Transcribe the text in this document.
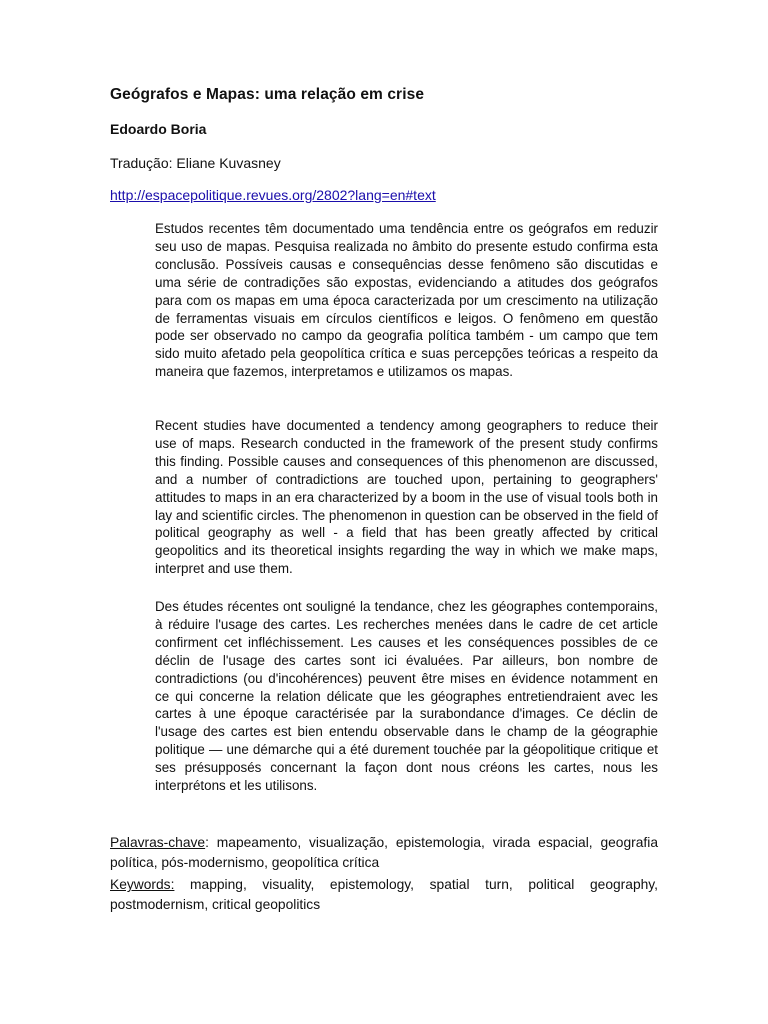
Geógrafos e Mapas: uma relação em crise
Edoardo Boria
Tradução: Eliane Kuvasney
http://espacepolitique.revues.org/2802?lang=en#text

Estudos recentes têm documentado uma tendência entre os geógrafos em reduzir seu uso de mapas. Pesquisa realizada no âmbito do presente estudo confirma esta conclusão. Possíveis causas e consequências desse fenômeno são discutidas e uma série de contradições são expostas, evidenciando a atitudes dos geógrafos para com os mapas em uma época caracterizada por um crescimento na utilização de ferramentas visuais em círculos científicos e leigos. O fenômeno em questão pode ser observado no campo da geografia política também - um campo que tem sido muito afetado pela geopolítica crítica e suas percepções teóricas a respeito da maneira que fazemos, interpretamos e utilizamos os mapas.

Recent studies have documented a tendency among geographers to reduce their use of maps. Research conducted in the framework of the present study confirms this finding. Possible causes and consequences of this phenomenon are discussed, and a number of contradictions are touched upon, pertaining to geographers' attitudes to maps in an era characterized by a boom in the use of visual tools both in lay and scientific circles. The phenomenon in question can be observed in the field of political geography as well - a field that has been greatly affected by critical geopolitics and its theoretical insights regarding the way in which we make maps, interpret and use them.

Des études récentes ont souligné la tendance, chez les géographes contemporains, à réduire l'usage des cartes. Les recherches menées dans le cadre de cet article confirment cet infléchissement. Les causes et les conséquences possibles de ce déclin de l'usage des cartes sont ici évaluées. Par ailleurs, bon nombre de contradictions (ou d'incohérences) peuvent être mises en évidence notamment en ce qui concerne la relation délicate que les géographes entretiendraient avec les cartes à une époque caractérisée par la surabondance d'images. Ce déclin de l'usage des cartes est bien entendu observable dans le champ de la géographie politique — une démarche qui a été durement touchée par la géopolitique critique et ses présupposés concernant la façon dont nous créons les cartes, nous les interprétons et les utilisons.

Palavras-chave: mapeamento, visualização, epistemologia, virada espacial, geografia política, pós-modernismo, geopolítica crítica

Keywords: mapping, visuality, epistemology, spatial turn, political geography, postmodernism, critical geopolitics
